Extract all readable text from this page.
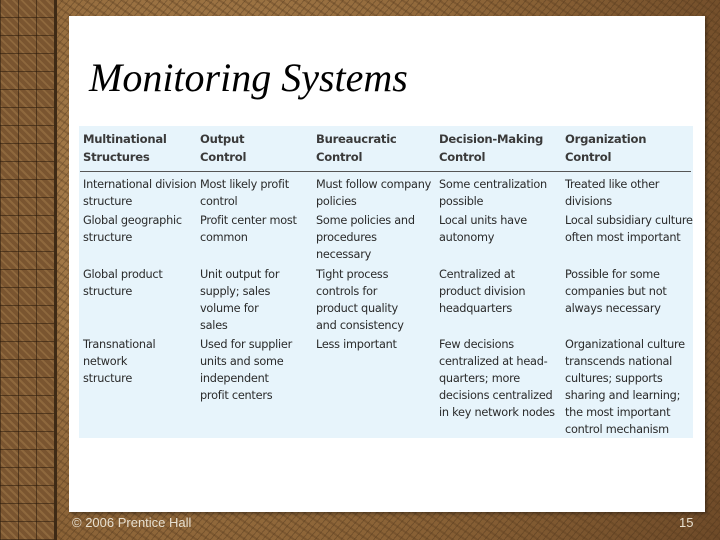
Monitoring Systems
Multinational
Structures
Output
Control
Bureaucratic
Control
Decision-Making
Control
Organization
Control
International division
structure
Most likely profit
control
Must follow company
policies
Some centralization
possible
Treated like other
divisions
Global geographic
structure
Profit center most
common
Some policies and
procedures
necessary
Local units have
autonomy
Local subsidiary culture
often most important
Global product
structure
Unit output for
supply; sales
volume for
sales
Tight process
controls for
product quality
and consistency
Centralized at
product division
headquarters
Possible for some
companies but not
always necessary
Transnational
network
structure
Used for supplier
units and some
independent
profit centers
Less important	Few decisions
centralized at head-
quarters; more
decisions centralized
in key network nodes
Organizational culture
transcends national
cultures; supports
sharing and learning;
the most important
control mechanism
© 2006 Prentice Hall	15
